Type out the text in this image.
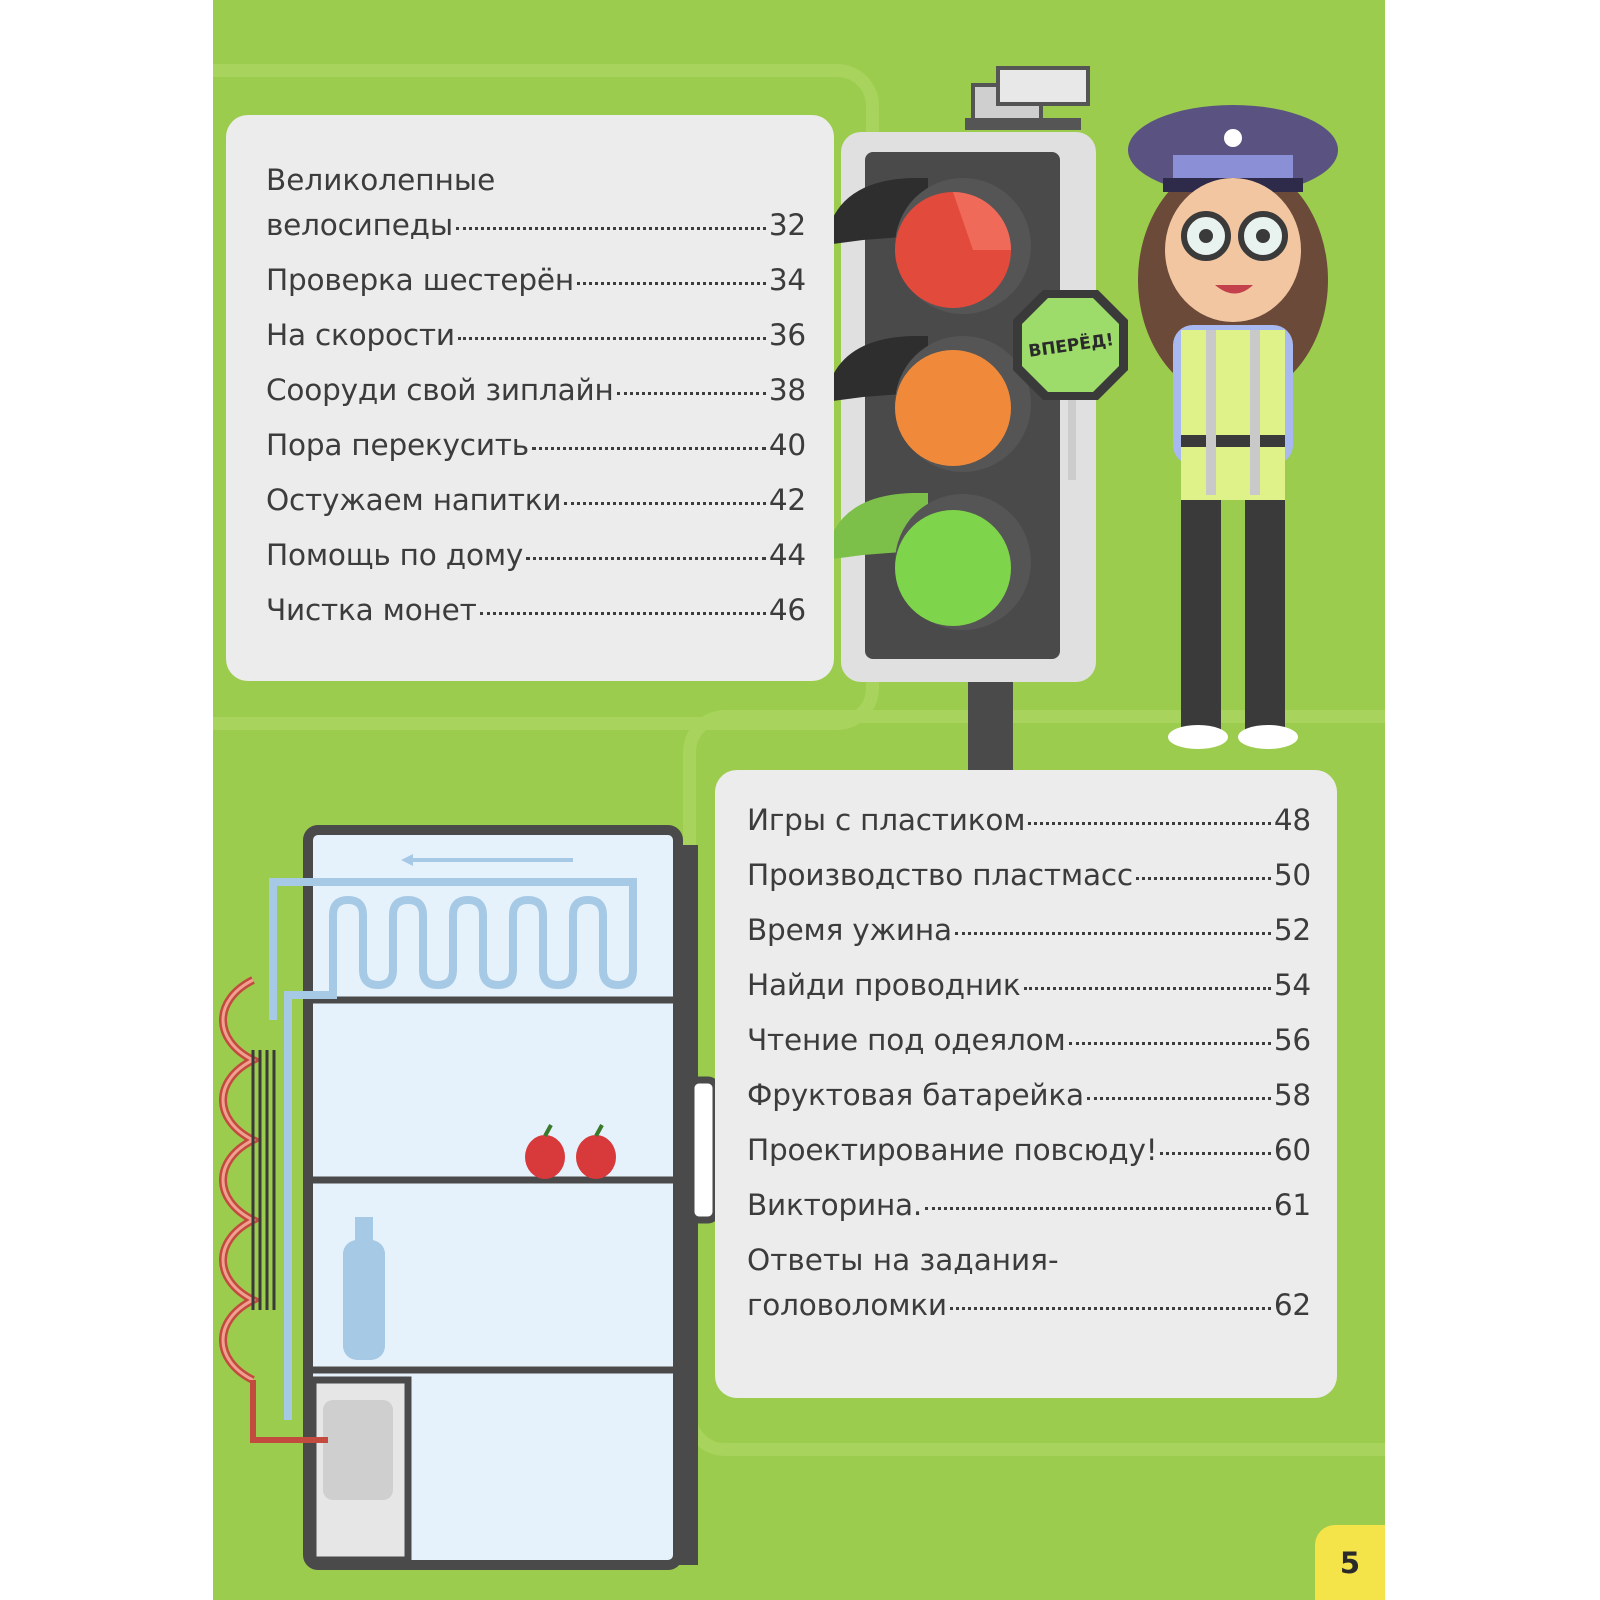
ВПЕРЁД!
Великолепные
велосипеды	32
Проверка шестерён	34
На скорости	36
Сооруди свой зиплайн	38
Пора перекусить	40
Остужаем напитки	42
Помощь по дому	44
Чистка монет	46
Игры с пластиком	48
Производство пластмасс	50
Время ужина	52
Найди проводник	54
Чтение под одеялом	56
Фруктовая батарейка	58
Проектирование повсюду!	60
Викторина.	61
Ответы на задания-
головоломки	62
5
